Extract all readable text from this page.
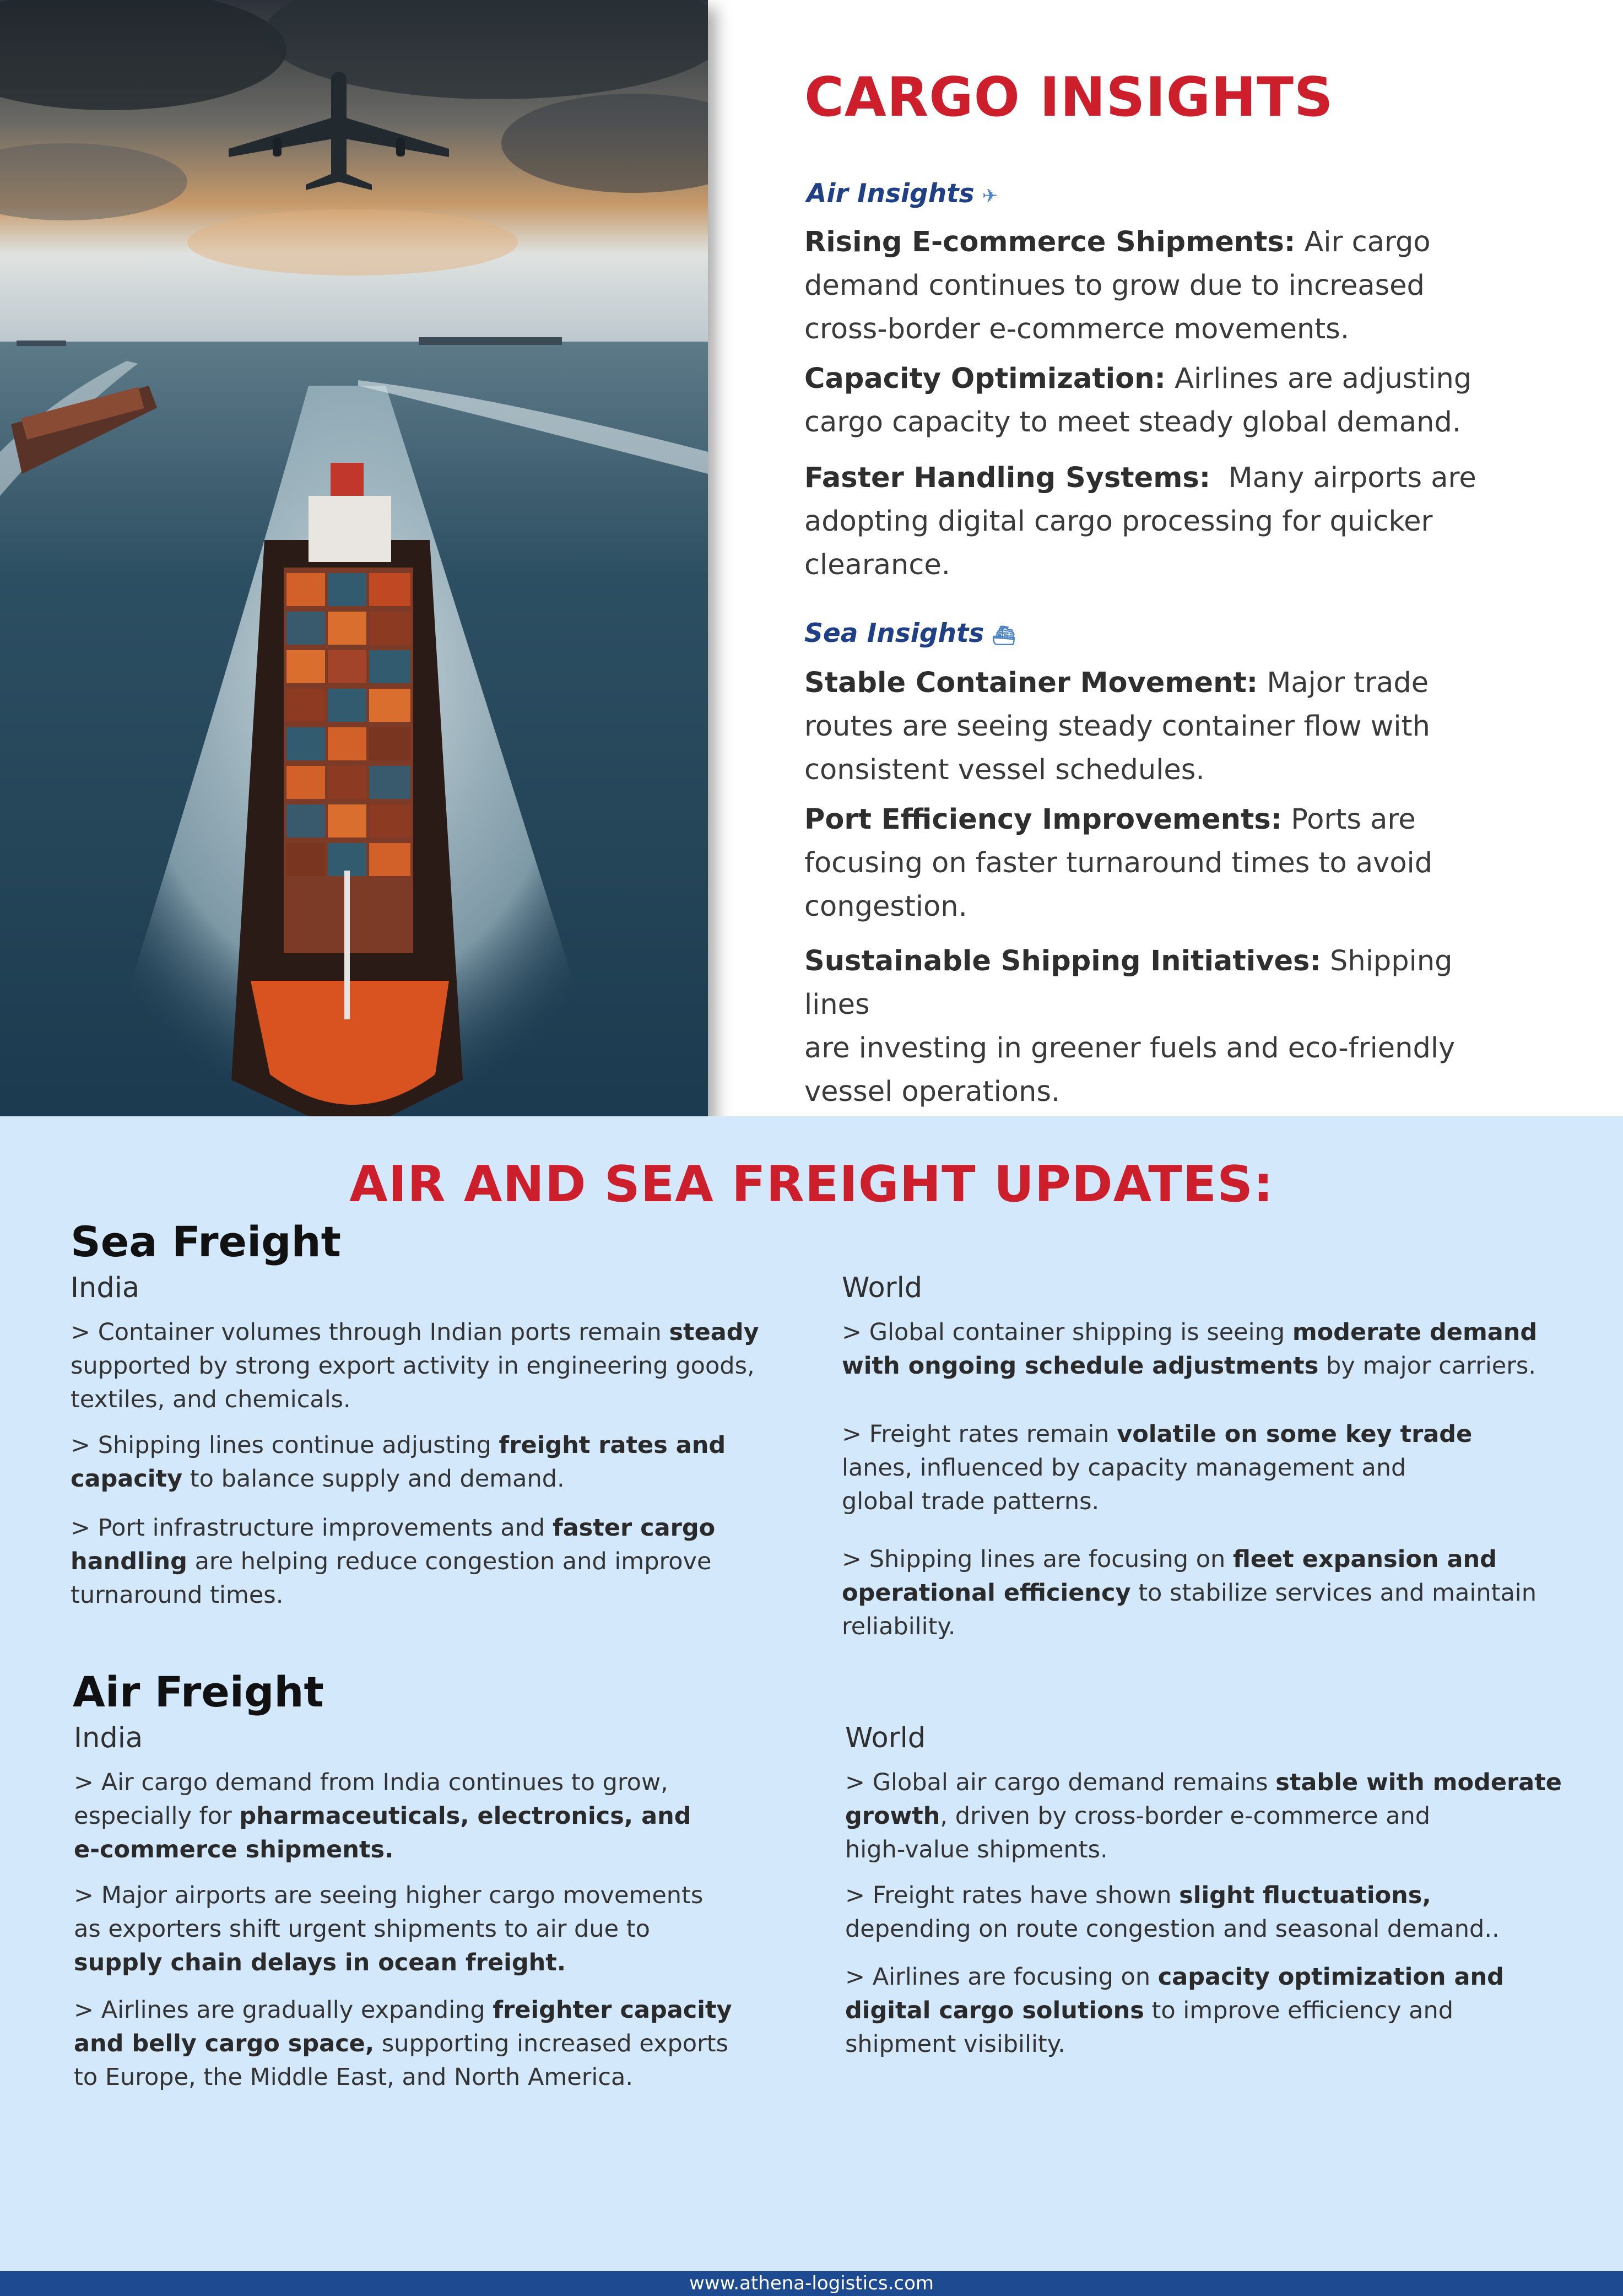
CARGO INSIGHTS
Air Insights ✈
Rising E-commerce Shipments: Air cargo
demand continues to grow due to increased
cross-border e-commerce movements.
Capacity Optimization: Airlines are adjusting
cargo capacity to meet steady global demand.
Faster Handling Systems:  Many airports are
adopting digital cargo processing for quicker
clearance.
Sea Insights ⛴
Stable Container Movement: Major trade
routes are seeing steady container flow with
consistent vessel schedules.
Port Efficiency Improvements: Ports are
focusing on faster turnaround times to avoid
congestion.
Sustainable Shipping Initiatives: Shipping lines
are investing in greener fuels and eco-friendly
vessel operations.
AIR AND SEA FREIGHT UPDATES:
Sea Freight
India	World
> Container volumes through Indian ports remain steady
supported by strong export activity in engineering goods,
textiles, and chemicals.
> Shipping lines continue adjusting freight rates and
capacity to balance supply and demand.
> Port infrastructure improvements and faster cargo
handling are helping reduce congestion and improve
turnaround times.
> Global container shipping is seeing moderate demand
with ongoing schedule adjustments by major carriers.
> Freight rates remain volatile on some key trade
lanes, influenced by capacity management and
global trade patterns.
> Shipping lines are focusing on fleet expansion and
operational efficiency to stabilize services and maintain
reliability.
Air Freight
India	World
> Air cargo demand from India continues to grow,
especially for pharmaceuticals, electronics, and
e-commerce shipments.
> Major airports are seeing higher cargo movements
as exporters shift urgent shipments to air due to
supply chain delays in ocean freight.
> Airlines are gradually expanding freighter capacity
and belly cargo space, supporting increased exports
to Europe, the Middle East, and North America.
> Global air cargo demand remains stable with moderate
growth, driven by cross-border e-commerce and
high-value shipments.
> Freight rates have shown slight fluctuations,
depending on route congestion and seasonal demand..
> Airlines are focusing on capacity optimization and
digital cargo solutions to improve efficiency and
shipment visibility.
www.athena-logistics.com
